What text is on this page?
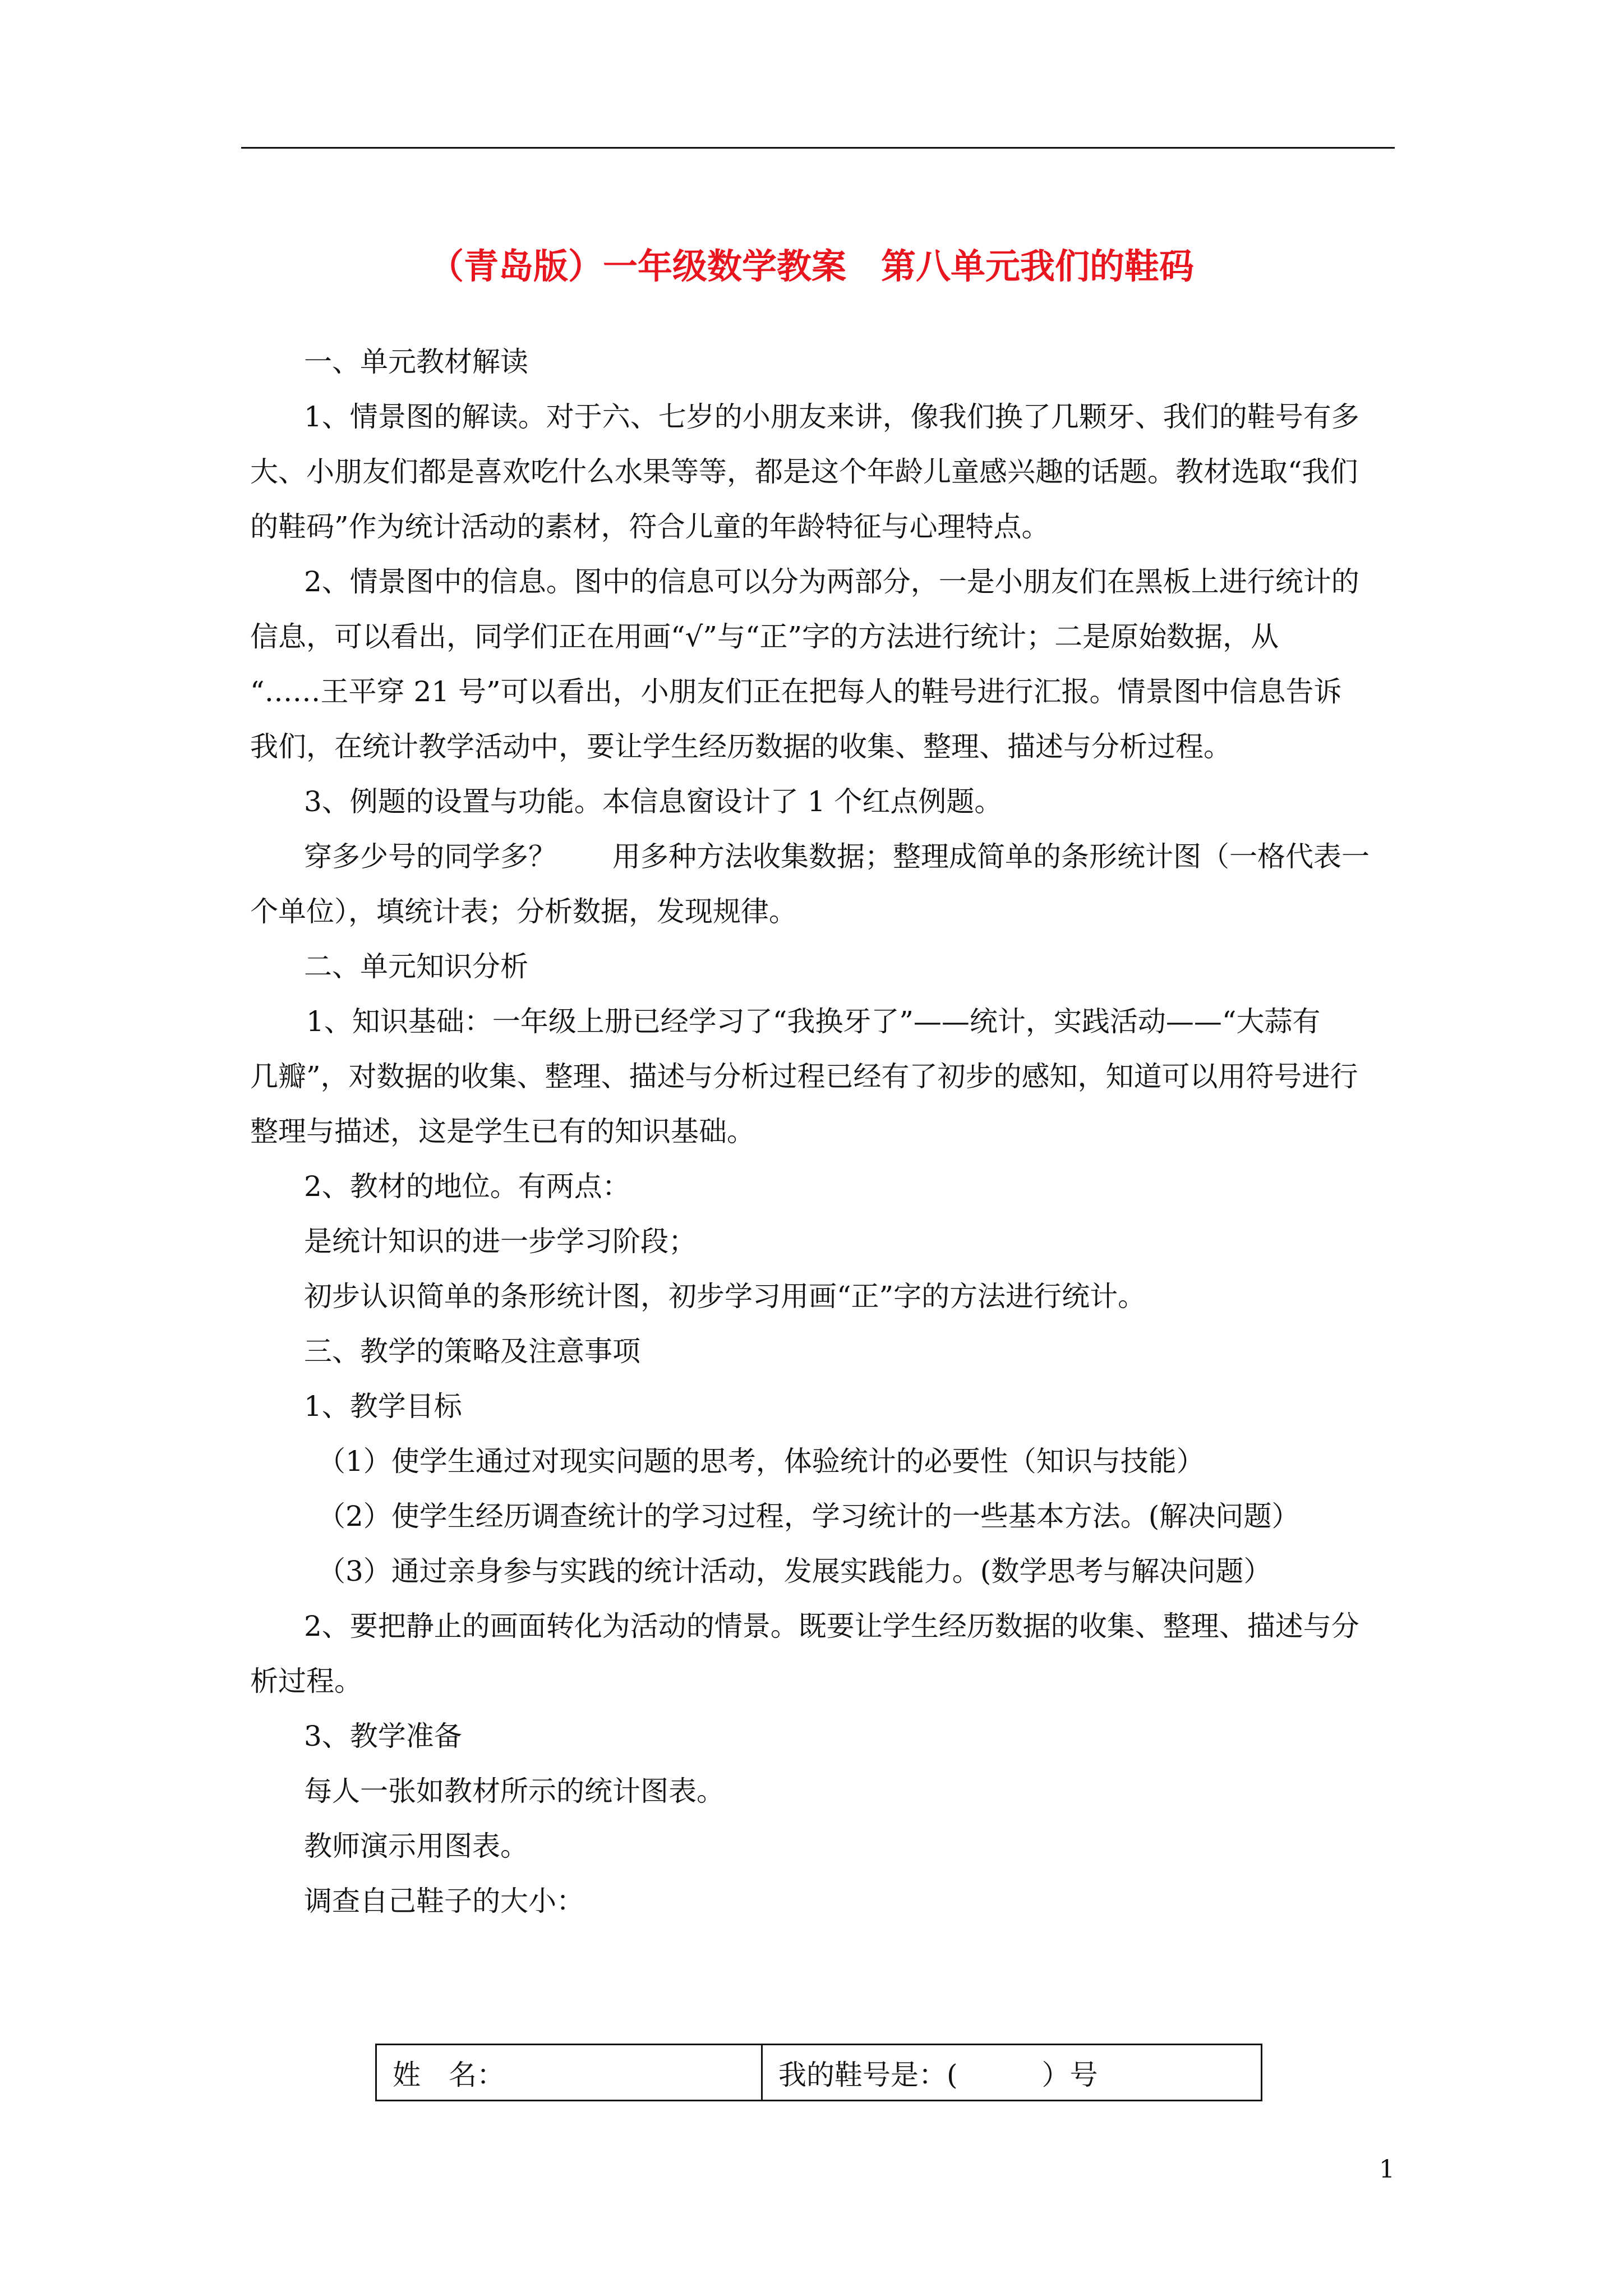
（青岛版）一年级数学教案　第八单元我们的鞋码

一、单元教材解读

1、情景图的解读。对于六、七岁的小朋友来讲，像我们换了几颗牙、我们的鞋号有多

大、小朋友们都是喜欢吃什么水果等等，都是这个年龄儿童感兴趣的话题。教材选取“我们

的鞋码”作为统计活动的素材，符合儿童的年龄特征与心理特点。

2、情景图中的信息。图中的信息可以分为两部分，一是小朋友们在黑板上进行统计的

信息，可以看出，同学们正在用画“√”与“正”字的方法进行统计；二是原始数据，从

“……王平穿 21 号”可以看出，小朋友们正在把每人的鞋号进行汇报。情景图中信息告诉

我们，在统计教学活动中，要让学生经历数据的收集、整理、描述与分析过程。

3、例题的设置与功能。本信息窗设计了 1 个红点例题。

穿多少号的同学多？　　用多种方法收集数据；整理成简单的条形统计图（一格代表一

个单位），填统计表；分析数据，发现规律。

二、单元知识分析

1、知识基础：一年级上册已经学习了“我换牙了”——统计，实践活动——“大蒜有

几瓣”，对数据的收集、整理、描述与分析过程已经有了初步的感知，知道可以用符号进行

整理与描述，这是学生已有的知识基础。

2、教材的地位。有两点：

是统计知识的进一步学习阶段；

初步认识简单的条形统计图，初步学习用画“正”字的方法进行统计。

三、教学的策略及注意事项

1、教学目标

（1）使学生通过对现实问题的思考，体验统计的必要性（知识与技能）

（2）使学生经历调查统计的学习过程，学习统计的一些基本方法。(解决问题）

（3）通过亲身参与实践的统计活动，发展实践能力。(数学思考与解决问题）

2、要把静止的画面转化为活动的情景。既要让学生经历数据的收集、整理、描述与分

析过程。

3、教学准备

每人一张如教材所示的统计图表。

教师演示用图表。

调查自己鞋子的大小：

姓　名：	我的鞋号是：(　　　）号
1
